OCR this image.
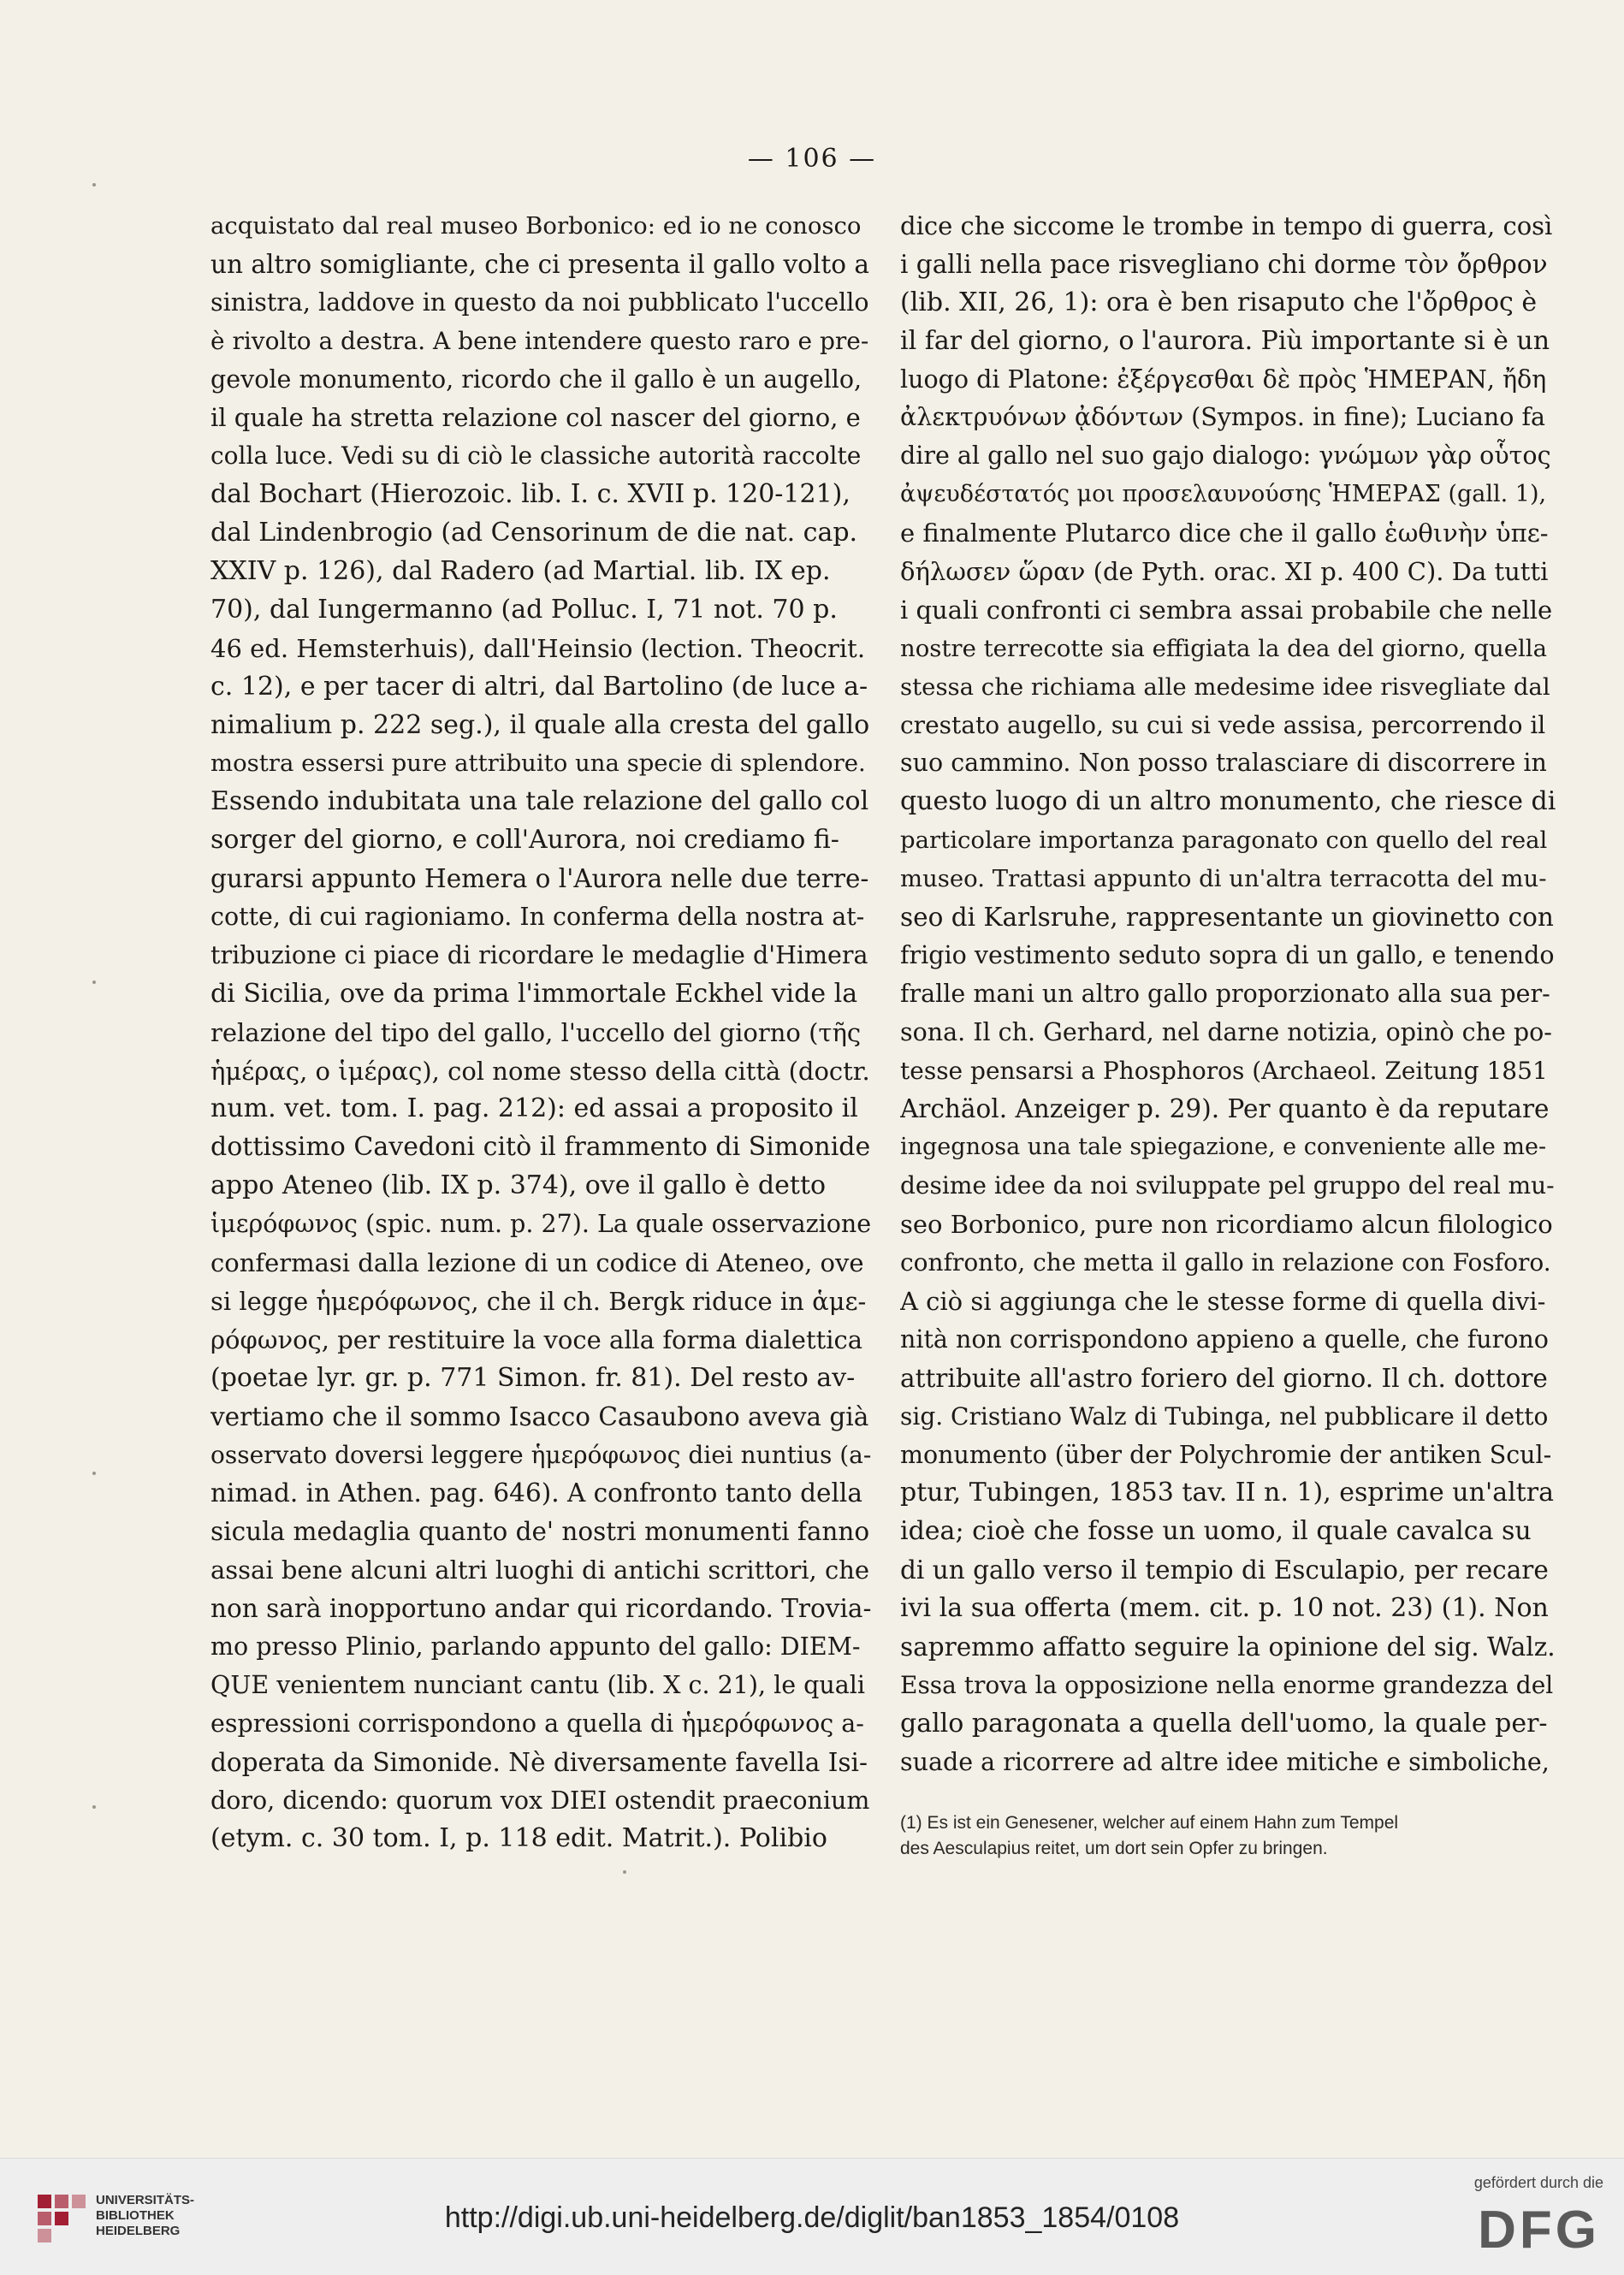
— 106 —
acquistato dal real museo Borbonico: ed io ne conosco
un altro somigliante, che ci presenta il gallo volto a
sinistra, laddove in questo da noi pubblicato l'uccello
è rivolto a destra. A bene intendere questo raro e pre-
gevole monumento, ricordo che il gallo è un augello,
il quale ha stretta relazione col nascer del giorno, e
colla luce. Vedi su di ciò le classiche autorità raccolte
dal Bochart (Hierozoic. lib. I. c. XVII p. 120-121),
dal Lindenbrogio (ad Censorinum de die nat. cap.
XXIV p. 126), dal Radero (ad Martial. lib. IX ep.
70), dal Iungermanno (ad Polluc. I, 71 not. 70 p.
46 ed. Hemsterhuis), dall'Heinsio (lection. Theocrit.
c. 12), e per tacer di altri, dal Bartolino (de luce a-
nimalium p. 222 seg.), il quale alla cresta del gallo
mostra essersi pure attribuito una specie di splendore.
Essendo indubitata una tale relazione del gallo col
sorger del giorno, e coll'Aurora, noi crediamo fi-
gurarsi appunto Hemera o l'Aurora nelle due terre-
cotte, di cui ragioniamo. In conferma della nostra at-
tribuzione ci piace di ricordare le medaglie d'Himera
di Sicilia, ove da prima l'immortale Eckhel vide la
relazione del tipo del gallo, l'uccello del giorno (τῆς
ἡμέρας, o ἱμέρας), col nome stesso della città (doctr.
num. vet. tom. I. pag. 212): ed assai a proposito il
dottissimo Cavedoni citò il frammento di Simonide
appo Ateneo (lib. IX p. 374), ove il gallo è detto
ἱμερόφωνος (spic. num. p. 27). La quale osservazione
confermasi dalla lezione di un codice di Ateneo, ove
si legge ἡμερόφωνος, che il ch. Bergk riduce in ἁμε-
ρόφωνος, per restituire la voce alla forma dialettica
(poetae lyr. gr. p. 771 Simon. fr. 81). Del resto av-
vertiamo che il sommo Isacco Casaubono aveva già
osservato doversi leggere ἡμερόφωνος diei nuntius (a-
nimad. in Athen. pag. 646). A confronto tanto della
sicula medaglia quanto de' nostri monumenti fanno
assai bene alcuni altri luoghi di antichi scrittori, che
non sarà inopportuno andar qui ricordando. Trovia-
mo presso Plinio, parlando appunto del gallo: DIEM-
QUE venientem nunciant cantu (lib. X c. 21), le quali
espressioni corrispondono a quella di ἡμερόφωνος a-
doperata da Simonide. Nè diversamente favella Isi-
doro, dicendo: quorum vox DIEI ostendit praeconium
(etym. c. 30 tom. I, p. 118 edit. Matrit.). Polibio
dice che siccome le trombe in tempo di guerra, così
i galli nella pace risvegliano chi dorme τὸν ὄρθρον
(lib. XII, 26, 1): ora è ben risaputo che l'ὄρθρος è
il far del giorno, o l'aurora. Più importante si è un
luogo di Platone: ἐξέργεσθαι δὲ πρὸς ἩΜΕΡΑΝ, ἤδη
ἀλεκτρυόνων ᾀδόντων (Sympos. in fine); Luciano fa
dire al gallo nel suo gajo dialogo: γνώμων γὰρ οὗτος
ἀψευδέστατός μοι προσελαυνούσης ἩΜΕΡΑΣ (gall. 1),
e finalmente Plutarco dice che il gallo ἑωθινὴν ὑπε-
δήλωσεν ὥραν (de Pyth. orac. XI p. 400 C). Da tutti
i quali confronti ci sembra assai probabile che nelle
nostre terrecotte sia effigiata la dea del giorno, quella
stessa che richiama alle medesime idee risvegliate dal
crestato augello, su cui si vede assisa, percorrendo il
suo cammino. Non posso tralasciare di discorrere in
questo luogo di un altro monumento, che riesce di
particolare importanza paragonato con quello del real
museo. Trattasi appunto di un'altra terracotta del mu-
seo di Karlsruhe, rappresentante un giovinetto con
frigio vestimento seduto sopra di un gallo, e tenendo
fralle mani un altro gallo proporzionato alla sua per-
sona. Il ch. Gerhard, nel darne notizia, opinò che po-
tesse pensarsi a Phosphoros (Archaeol. Zeitung 1851
Archäol. Anzeiger p. 29). Per quanto è da reputare
ingegnosa una tale spiegazione, e conveniente alle me-
desime idee da noi sviluppate pel gruppo del real mu-
seo Borbonico, pure non ricordiamo alcun filologico
confronto, che metta il gallo in relazione con Fosforo.
A ciò si aggiunga che le stesse forme di quella divi-
nità non corrispondono appieno a quelle, che furono
attribuite all'astro foriero del giorno. Il ch. dottore
sig. Cristiano Walz di Tubinga, nel pubblicare il detto
monumento (über der Polychromie der antiken Scul-
ptur, Tubingen, 1853 tav. II n. 1), esprime un'altra
idea; cioè che fosse un uomo, il quale cavalca su
di un gallo verso il tempio di Esculapio, per recare
ivi la sua offerta (mem. cit. p. 10 not. 23) (1). Non
sapremmo affatto seguire la opinione del sig. Walz.
Essa trova la opposizione nella enorme grandezza del
gallo paragonata a quella dell'uomo, la quale per-
suade a ricorrere ad altre idee mitiche e simboliche,
(1) Es ist ein Genesener, welcher auf einem Hahn zum Tempel
des Aesculapius reitet, um dort sein Opfer zu bringen.
UNIVERSITÄTS-
BIBLIOTHEK
HEIDELBERG	http://digi.ub.uni-heidelberg.de/diglit/ban1853_1854/0108
gefördert durch die
DFG
